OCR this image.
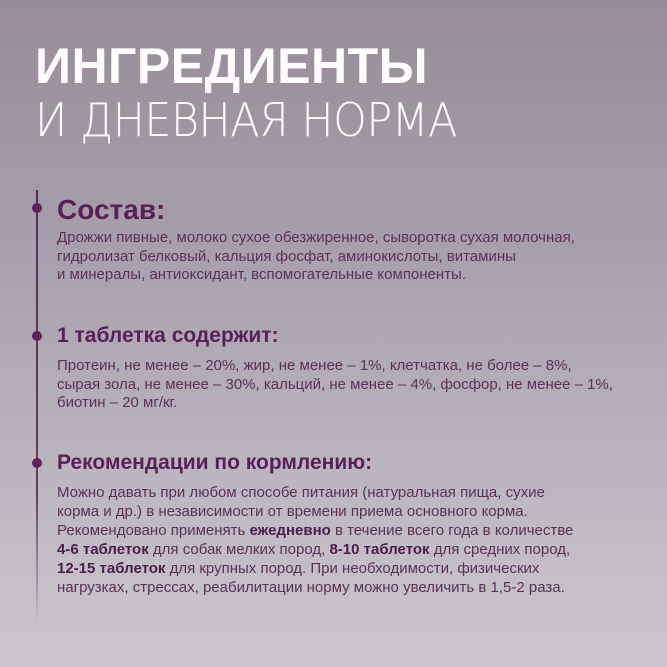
ИНГРЕДИЕНТЫ
И ДНЕВНАЯ НОРМА
Состав:

Дрожжи пивные, молоко сухое обезжиренное, сыворотка сухая молочная,
гидролизат белковый, кальция фосфат, аминокислоты, витамины
и минералы, антиоксидант, вспомогательные компоненты.

1 таблетка содержит:

Протеин, не менее – 20%, жир, не менее – 1%, клетчатка, не более – 8%,
сырая зола, не менее – 30%, кальций, не менее – 4%, фосфор, не менее – 1%,
биотин – 20 мг/кг.

Рекомендации по кормлению:

Можно давать при любом способе питания (натуральная пища, сухие
корма и др.) в независимости от времени приема основного корма.
Рекомендовано применять ежедневно в течение всего года в количестве
4-6 таблеток для собак мелких пород, 8-10 таблеток для средних пород,
12-15 таблеток для крупных пород. При необходимости, физических
нагрузках, стрессах, реабилитации норму можно увеличить в 1,5-2 раза.
